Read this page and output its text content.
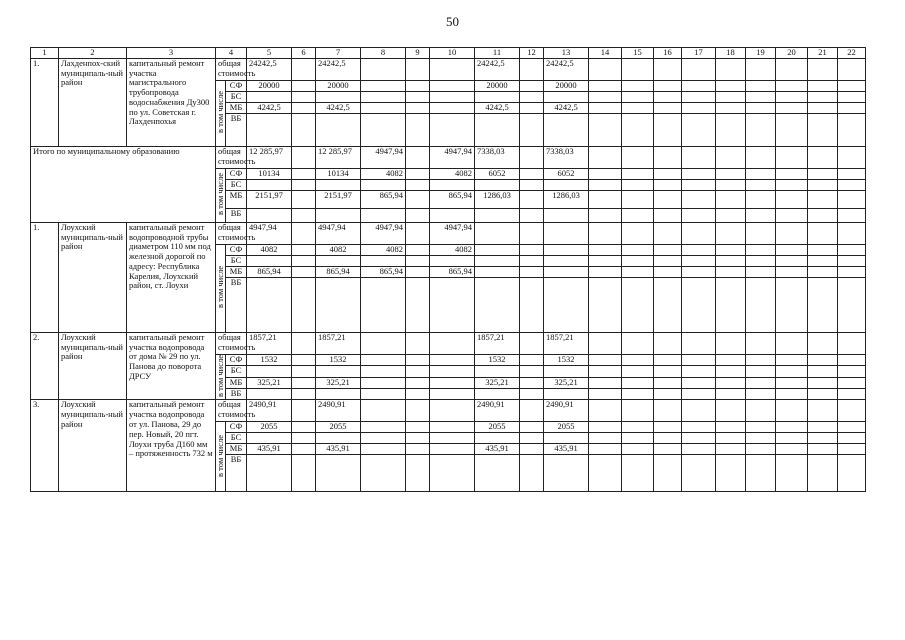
50
1	2	3	4		5	6	7	8	9	10	11	12	13	14	15	16	17	18	19	20	21	22
1.	Лахденпох-ский муниципаль-ный район	капитальный ремонт участка магистрального трубопровода водоснабжения Ду300 по ул. Советская г. Лахденпохья	общая стоимость		24242,5		24242,5				24242,5		24242,5									
			в том числе	СФ	20000		20000				20000		20000									
				БС																		
				МБ	4242,5		4242,5				4242,5		4242,5									
				ВБ																		
Итого по муниципальному образованию			общая стоимость		12 285,97		12 285,97	4947,94		4947,94	7338,03		7338,03									
			в том числе	СФ	10134		10134	4082		4082	6052		6052									
				БС																		
				МБ	2151,97		2151,97	865,94		865,94	1286,03		1286,03									
				ВБ																		
1.	Лоухский муниципаль-ный район	капитальный ремонт водопроводной трубы диаметром 110 мм под железной дорогой по адресу: Республика Карелия, Лоухский район, ст. Лоухи	общая стоимость		4947,94		4947,94	4947,94		4947,94												
			в том числе	СФ	4082		4082	4082		4082												
				БС																		
				МБ	865,94		865,94	865,94		865,94												
				ВБ																		
2.	Лоухский муниципаль-ный район	капитальный ремонт участка водопровода от дома № 29 по ул. Панова до поворота ДРСУ	общая стоимость		1857,21		1857,21				1857,21		1857,21									
			в том числе	СФ	1532		1532				1532		1532									
				БС																		
				МБ	325,21		325,21				325,21		325,21									
				ВБ																		
3.	Лоухский муниципаль-ный район	капитальный ремонт участка водопровода от ул. Панова, 29 до пер. Новый, 20 пгт. Лоухи труба Д160 мм – протяженность 732 м	общая стоимость		2490,91		2490,91				2490,91		2490,91									
			в том числе	СФ	2055		2055				2055		2055									
				БС																		
				МБ	435,91		435,91				435,91		435,91									
				ВБ																		
